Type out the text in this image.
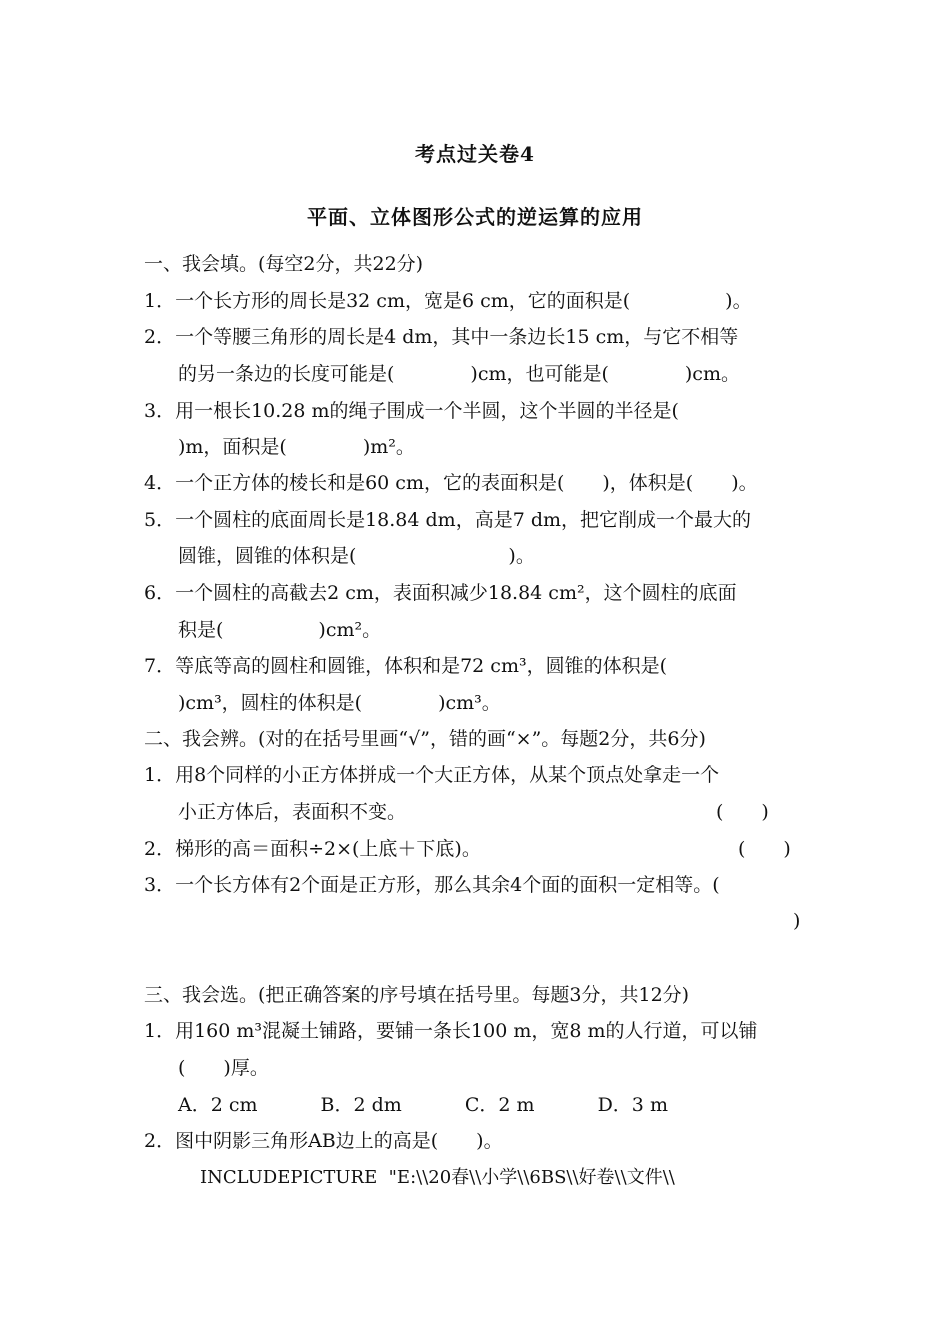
考点过关卷4
平面、立体图形公式的逆运算的应用
一、我会填。(每空2分，共22分)
1．一个长方形的周长是32 cm，宽是6 cm，它的面积是(　　　　　)。
2．一个等腰三角形的周长是4 dm，其中一条边长15 cm，与它不相等
的另一条边的长度可能是(　　　　)cm，也可能是(　　　　)cm。
3．用一根长10.28 m的绳子围成一个半圆，这个半圆的半径是(
)m，面积是(　　　　)m²。
4．一个正方体的棱长和是60 cm，它的表面积是(　　)，体积是(　　)。
5．一个圆柱的底面周长是18.84 dm，高是7 dm，把它削成一个最大的
圆锥，圆锥的体积是(　　　　　　　　)。
6．一个圆柱的高截去2 cm，表面积减少18.84 cm²，这个圆柱的底面
积是(　　　　　)cm²。
7．等底等高的圆柱和圆锥，体积和是72 cm³，圆锥的体积是(
)cm³，圆柱的体积是(　　　　)cm³。
二、我会辨。(对的在括号里画“√”，错的画“×”。每题2分，共6分)
1．用8个同样的小正方体拼成一个大正方体，从某个顶点处拿走一个
小正方体后，表面积不变。	(　　)
2．梯形的高＝面积÷2×(上底＋下底)。	(　　)
3．一个长方体有2个面是正方形，那么其余4个面的面积一定相等。(
)
三、我会选。(把正确答案的序号填在括号里。每题3分，共12分)
1．用160 m³混凝土铺路，要铺一条长100 m，宽8 m的人行道，可以铺
(　　)厚。
A．2 cm　　　 B．2 dm　　　 C．2 m　　　 D．3 m
2．图中阴影三角形AB边上的高是(　　)。
INCLUDEPICTURE  "E:\\20春\\小学\\6BS\\好卷\\文件\\
